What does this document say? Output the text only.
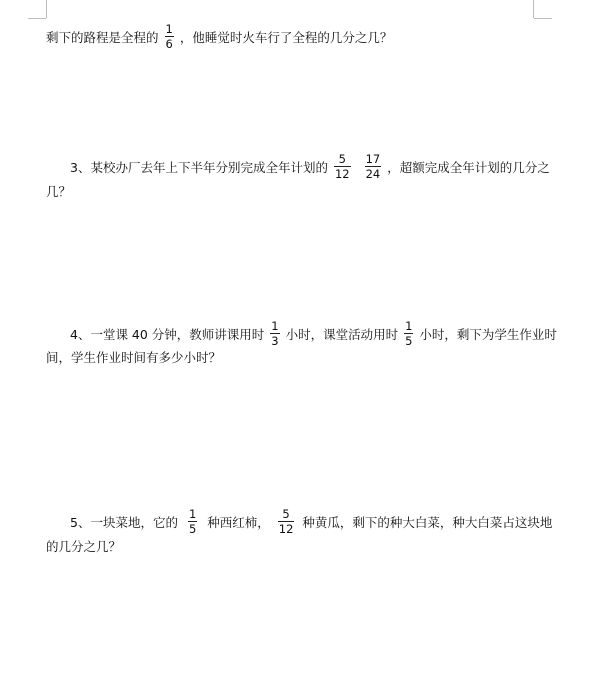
剩下的路程是全程的 $\frac{1}{6}$ ，他睡觉时火车行了全程的几分之几？
3、某校办厂去年上下半年分别完成全年计划的 $\frac{5}{12}$
$\frac{17}{24}$ ，超额完成全年计划的几分之
几？
4、一堂课 40 分钟，教师讲课用时 $\frac{1}{3}$ 小时，课堂活动用时 $\frac{1}{5}$ 小时，剩下为学生作业时
间，学生作业时间有多少小时？
5、一块菜地，它的 $\frac{1}{5}$ 种西红柿， $\frac{5}{12}$ 种黄瓜，剩下的种大白菜，种大白菜占这块地
的几分之几？
